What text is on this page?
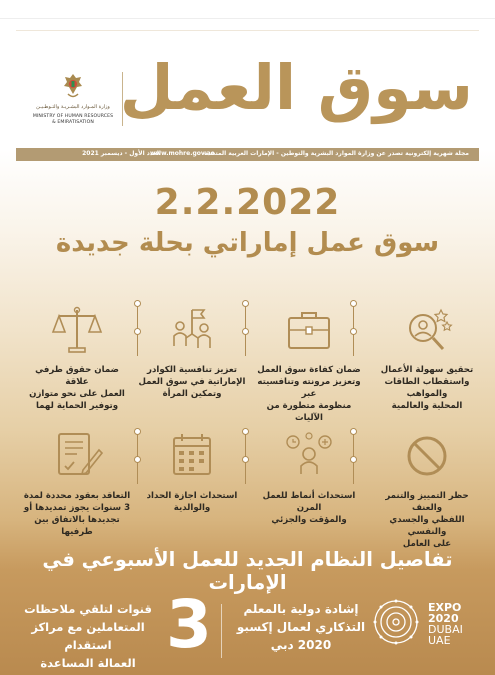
وزارة المـوارد البشـريـة والتـوطـيـن
MINISTRY OF HUMAN RESOURCES
& EMIRATISATION سوق العمل
العدد الأول - ديسمبر 2021
www.mohre.gov.ae
مجلة شهرية إلكترونية تصدر عن وزارة الموارد البشرية والتوطين - الإمارات العربية المتحدة
2.2.2022
سوق عمل إماراتي بحلة جديدة
تحقيق سهولة الأعمال
واستقطاب الطاقات والمواهب
المحلية والعالمية
ضمان كفاءة سوق العمل
وتعزيز مرونته وتنافسيته عبر
منظومة متطورة من الآليات
تعزيز تنافسية الكوادر
الإماراتية في سوق العمل
وتمكين المرأة
ضمان حقوق طرفي علاقة
العمل على نحو متوازن
وتوفير الحماية لهما
حظر التمييز والتنمر والعنف
اللفظي والجسدي والنفسي
على العامل
استحداث أنماط للعمل المرن
والمؤقت والجزئي
استحداث اجازة الحداد
والوالدية
التعاقد بعقود محددة لمدة
3 سنوات يجوز تمديدها أو
تجديدها بالاتفاق بين طرفيها
تفاصيل النظام الجديد للعمل الأسبوعي في الإمارات
EXPO
2020
DUBAI
UAE
إشادة دولية بالمعلم
التذكاري لعمال إكسبو
2020 دبي
3
قنوات لتلقي ملاحظات
المتعاملين مع مراكز استقدام
العمالة المساعدة
